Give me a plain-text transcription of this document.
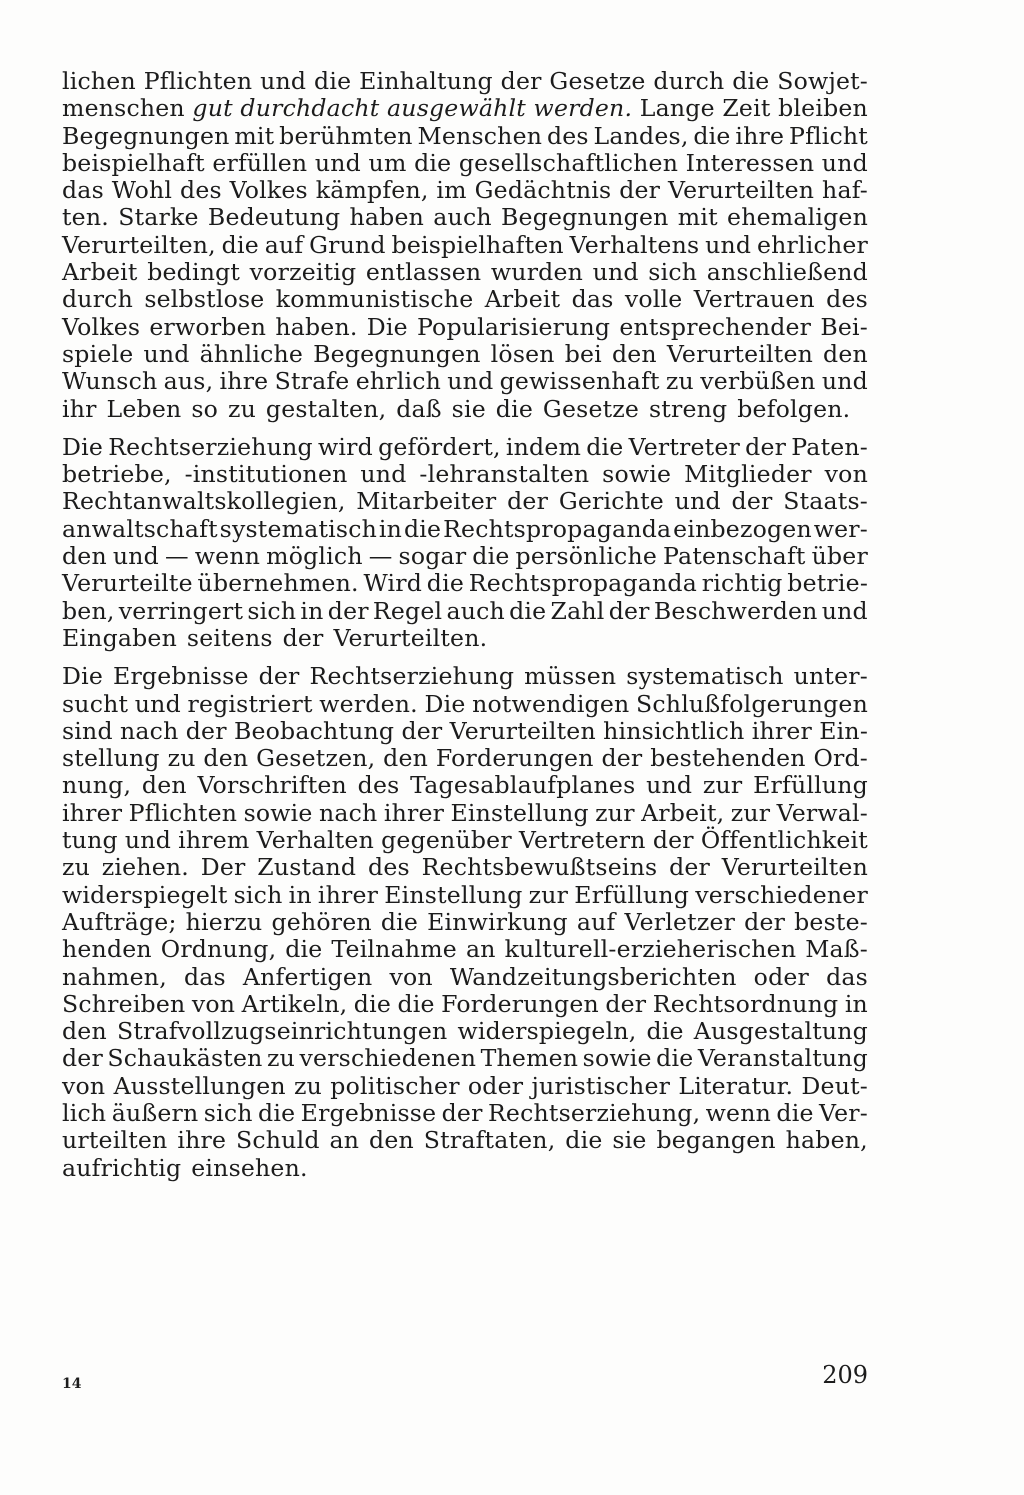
lichen Pflichten und die Einhaltung der Gesetze durch die Sowjet-
menschen gut durchdacht ausgewählt werden. Lange Zeit bleiben
Begegnungen mit berühmten Menschen des Landes, die ihre Pflicht
beispielhaft erfüllen und um die gesellschaftlichen Interessen und
das Wohl des Volkes kämpfen, im Gedächtnis der Verurteilten haf-
ten. Starke Bedeutung haben auch Begegnungen mit ehemaligen
Verurteilten, die auf Grund beispielhaften Verhaltens und ehrlicher
Arbeit bedingt vorzeitig entlassen wurden und sich anschließend
durch selbstlose kommunistische Arbeit das volle Vertrauen des
Volkes erworben haben. Die Popularisierung entsprechender Bei-
spiele und ähnliche Begegnungen lösen bei den Verurteilten den
Wunsch aus, ihre Strafe ehrlich und gewissenhaft zu verbüßen und
ihr Leben so zu gestalten, daß sie die Gesetze streng befolgen.
Die Rechtserziehung wird gefördert, indem die Vertreter der Paten-
betriebe, -institutionen und -lehranstalten sowie Mitglieder von
Rechtanwaltskollegien, Mitarbeiter der Gerichte und der Staats-
anwaltschaft systematisch in die Rechtspropaganda einbezogen wer-
den und — wenn möglich — sogar die persönliche Patenschaft über
Verurteilte übernehmen. Wird die Rechtspropaganda richtig betrie-
ben, verringert sich in der Regel auch die Zahl der Beschwerden und
Eingaben seitens der Verurteilten.
Die Ergebnisse der Rechtserziehung müssen systematisch unter-
sucht und registriert werden. Die notwendigen Schlußfolgerungen
sind nach der Beobachtung der Verurteilten hinsichtlich ihrer Ein-
stellung zu den Gesetzen, den Forderungen der bestehenden Ord-
nung, den Vorschriften des Tagesablaufplanes und zur Erfüllung
ihrer Pflichten sowie nach ihrer Einstellung zur Arbeit, zur Verwal-
tung und ihrem Verhalten gegenüber Vertretern der Öffentlichkeit
zu ziehen. Der Zustand des Rechtsbewußtseins der Verurteilten
widerspiegelt sich in ihrer Einstellung zur Erfüllung verschiedener
Aufträge; hierzu gehören die Einwirkung auf Verletzer der beste-
henden Ordnung, die Teilnahme an kulturell-erzieherischen Maß-
nahmen, das Anfertigen von Wandzeitungsberichten oder das
Schreiben von Artikeln, die die Forderungen der Rechtsordnung in
den Strafvollzugseinrichtungen widerspiegeln, die Ausgestaltung
der Schaukästen zu verschiedenen Themen sowie die Veranstaltung
von Ausstellungen zu politischer oder juristischer Literatur. Deut-
lich äußern sich die Ergebnisse der Rechtserziehung, wenn die Ver-
urteilten ihre Schuld an den Straftaten, die sie begangen haben,
aufrichtig einsehen.
14	209
